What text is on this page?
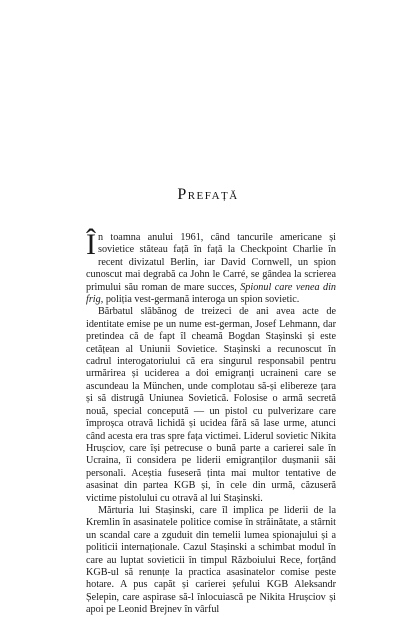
Prefață

În toamna anului 1961, când tancurile americane și sovietice stăteau față în față la Checkpoint Charlie în recent divizatul Berlin, iar David Cornwell, un spion cunoscut mai degrabă ca John le Carré, se gândea la scrierea primului său roman de mare succes, Spionul care venea din frig, poliția vest-germană interoga un spion sovietic.

Bărbatul slăbănog de treizeci de ani avea acte de identitate emise pe un nume est-german, Josef Lehmann, dar pretindea că de fapt îl cheamă Bogdan Stașinski și este cetățean al Uniunii Sovietice. Stașinski a recunoscut în cadrul interogatoriului că era singurul responsabil pentru urmărirea și uciderea a doi emigranți ucraineni care se ascundeau la München, unde complotau să-și elibereze țara și să distrugă Uniunea Sovietică. Folosise o armă secretă nouă, special concepută — un pistol cu pulverizare care împroșca otravă lichidă și ucidea fără să lase urme, atunci când acesta era tras spre fața victimei. Liderul sovietic Nikita Hrușciov, care își petrecuse o bună parte a carierei sale în Ucraina, îi considera pe liderii emigranților dușmanii săi personali. Aceștia fuseseră ținta mai multor tentative de asasinat din partea KGB și, în cele din urmă, căzuseră victime pistolului cu otravă al lui Stașinski.

Mărturia lui Stașinski, care îl implica pe liderii de la Kremlin în asasinatele politice comise în străinătate, a stârnit un scandal care a zguduit din temelii lumea spionajului și a politicii internaționale. Cazul Stașinski a schimbat modul în care au luptat sovieticii în timpul Războiului Rece, forțând KGB-ul să renunțe la practica asasinatelor comise peste hotare. A pus capăt și carierei șefului KGB Aleksandr Șelepin, care aspirase să-l înlocuiască pe Nikita Hrușciov și apoi pe Leonid Brejnev în vârful
